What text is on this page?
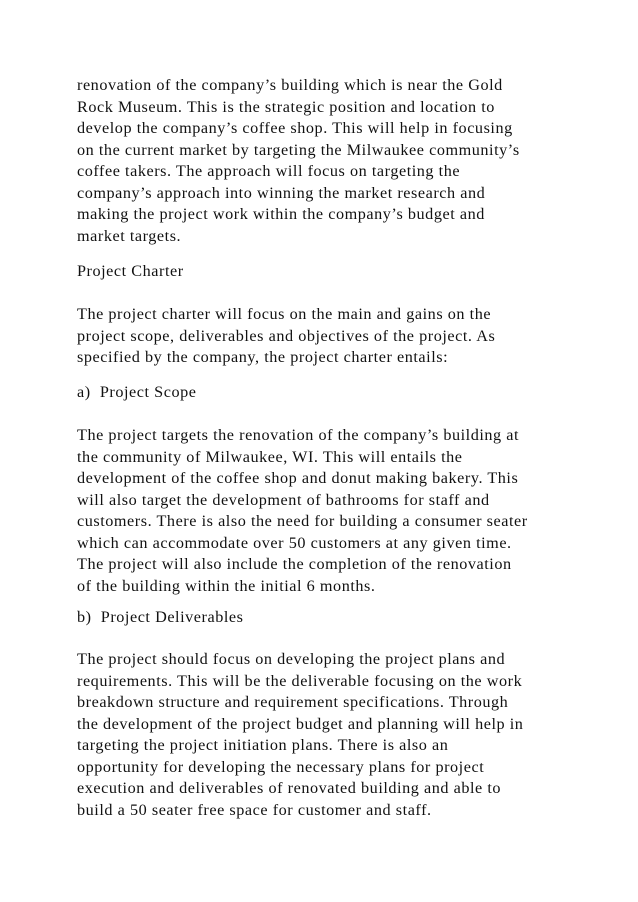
renovation of the company’s building which is near the Gold
Rock Museum. This is the strategic position and location to
develop the company’s coffee shop. This will help in focusing
on the current market by targeting the Milwaukee community’s
coffee takers. The approach will focus on targeting the
company’s approach into winning the market research and
making the project work within the company’s budget and
market targets.
Project Charter
The project charter will focus on the main and gains on the
project scope, deliverables and objectives of the project. As
specified by the company, the project charter entails:
a)  Project Scope
The project targets the renovation of the company’s building at
the community of Milwaukee, WI. This will entails the
development of the coffee shop and donut making bakery. This
will also target the development of bathrooms for staff and
customers. There is also the need for building a consumer seater
which can accommodate over 50 customers at any given time.
The project will also include the completion of the renovation
of the building within the initial 6 months.
b)  Project Deliverables
The project should focus on developing the project plans and
requirements. This will be the deliverable focusing on the work
breakdown structure and requirement specifications. Through
the development of the project budget and planning will help in
targeting the project initiation plans. There is also an
opportunity for developing the necessary plans for project
execution and deliverables of renovated building and able to
build a 50 seater free space for customer and staff.
